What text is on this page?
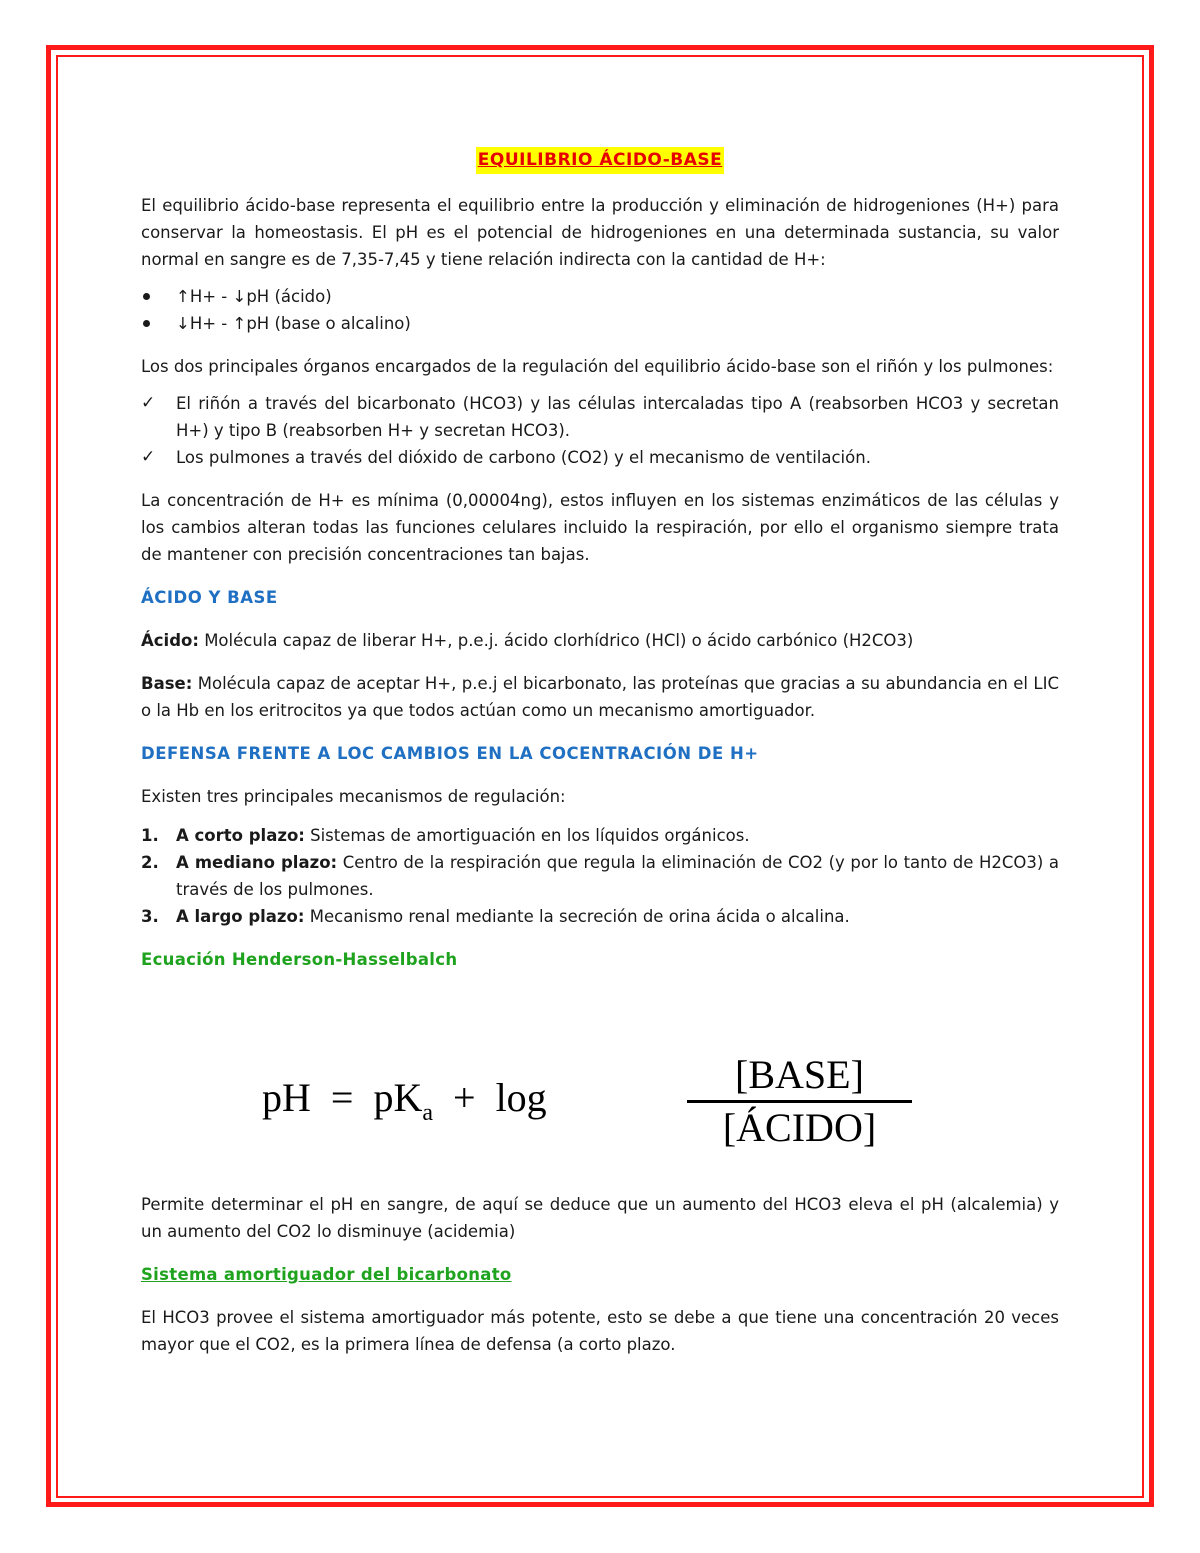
EQUILIBRIO ÁCIDO-BASE

El equilibrio ácido-base representa el equilibrio entre la producción y eliminación de hidrogeniones (H+) para conservar la homeostasis. El pH es el potencial de hidrogeniones en una determinada sustancia, su valor normal en sangre es de 7,35-7,45 y tiene relación indirecta con la cantidad de H+:

↑H+ - ↓pH (ácido)
↓H+ - ↑pH (base o alcalino)

Los dos principales órganos encargados de la regulación del equilibrio ácido-base son el riñón y los pulmones:

✓ El riñón a través del bicarbonato (HCO3) y las células intercaladas tipo A (reabsorben HCO3 y secretan H+) y tipo B (reabsorben H+ y secretan HCO3).
✓ Los pulmones a través del dióxido de carbono (CO2) y el mecanismo de ventilación.

La concentración de H+ es mínima (0,00004ng), estos influyen en los sistemas enzimáticos de las células y los cambios alteran todas las funciones celulares incluido la respiración, por ello el organismo siempre trata de mantener con precisión concentraciones tan bajas.

ÁCIDO Y BASE

Ácido: Molécula capaz de liberar H+, p.e.j. ácido clorhídrico (HCl) o ácido carbónico (H2CO3)

Base: Molécula capaz de aceptar H+, p.e.j el bicarbonato, las proteínas que gracias a su abundancia en el LIC o la Hb en los eritrocitos ya que todos actúan como un mecanismo amortiguador.

DEFENSA FRENTE A LOC CAMBIOS EN LA COCENTRACIÓN DE H+

Existen tres principales mecanismos de regulación:

1. A corto plazo: Sistemas de amortiguación en los líquidos orgánicos.
2. A mediano plazo: Centro de la respiración que regula la eliminación de CO2 (y por lo tanto de H2CO3) a través de los pulmones.
3. A largo plazo: Mecanismo renal mediante la secreción de orina ácida o alcalina.
Ecuación Henderson-Hasselbalch
pH = $pK_a + \log$
[BASE]
[ÁCIDO]

Permite determinar el pH en sangre, de aquí se deduce que un aumento del HCO3 eleva el pH (alcalemia) y un aumento del CO2 lo disminuye (acidemia)

Sistema amortiguador del bicarbonato

El HCO3 provee el sistema amortiguador más potente, esto se debe a que tiene una concentración 20 veces mayor que el CO2, es la primera línea de defensa (a corto plazo.
